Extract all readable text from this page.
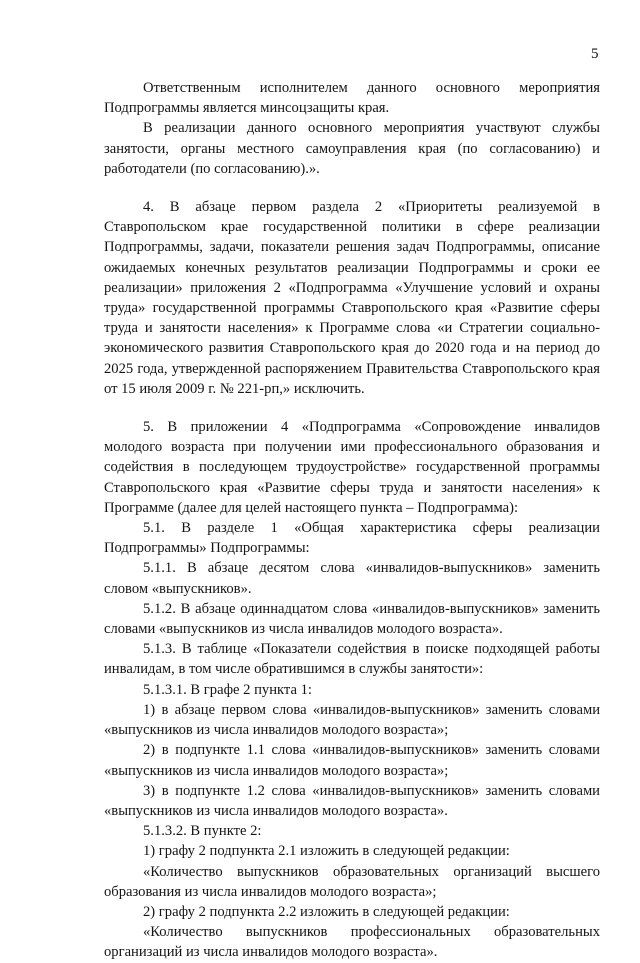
5

Ответственным исполнителем данного основного мероприятия Подпрограммы является минсоцзащиты края.

В реализации данного основного мероприятия участвуют службы занятости, органы местного самоуправления края (по согласованию) и работодатели (по согласованию).».

4. В абзаце первом раздела 2 «Приоритеты реализуемой в Ставропольском крае государственной политики в сфере реализации Подпрограммы, задачи, показатели решения задач Подпрограммы, описание ожидаемых конечных результатов реализации Подпрограммы и сроки ее реализации» приложения 2 «Подпрограмма «Улучшение условий и охраны труда» государственной программы Ставропольского края «Развитие сферы труда и занятости населения» к Программе слова «и Стратегии социально-экономического развития Ставропольского края до 2020 года и на период до 2025 года, утвержденной распоряжением Правительства Ставропольского края от 15 июля 2009 г. № 221-рп,» исключить.

5. В приложении 4 «Подпрограмма «Сопровождение инвалидов молодого возраста при получении ими профессионального образования и содействия в последующем трудоустройстве» государственной программы Ставропольского края «Развитие сферы труда и занятости населения» к Программе (далее для целей настоящего пункта – Подпрограмма):

5.1. В разделе 1 «Общая характеристика сферы реализации Подпрограммы» Подпрограммы:

5.1.1. В абзаце десятом слова «инвалидов-выпускников» заменить словом «выпускников».

5.1.2. В абзаце одиннадцатом слова «инвалидов-выпускников» заменить словами «выпускников из числа инвалидов молодого возраста».

5.1.3. В таблице «Показатели содействия в поиске подходящей работы инвалидам, в том числе обратившимся в службы занятости»:

5.1.3.1. В графе 2 пункта 1:

1) в абзаце первом слова «инвалидов-выпускников» заменить словами «выпускников из числа инвалидов молодого возраста»;

2) в подпункте 1.1 слова «инвалидов-выпускников» заменить словами «выпускников из числа инвалидов молодого возраста»;

3) в подпункте 1.2 слова «инвалидов-выпускников» заменить словами «выпускников из числа инвалидов молодого возраста».

5.1.3.2. В пункте 2:

1) графу 2 подпункта 2.1 изложить в следующей редакции:

«Количество выпускников образовательных организаций высшего образования из числа инвалидов молодого возраста»;

2) графу 2 подпункта 2.2 изложить в следующей редакции:

«Количество выпускников профессиональных образовательных организаций из числа инвалидов молодого возраста».
